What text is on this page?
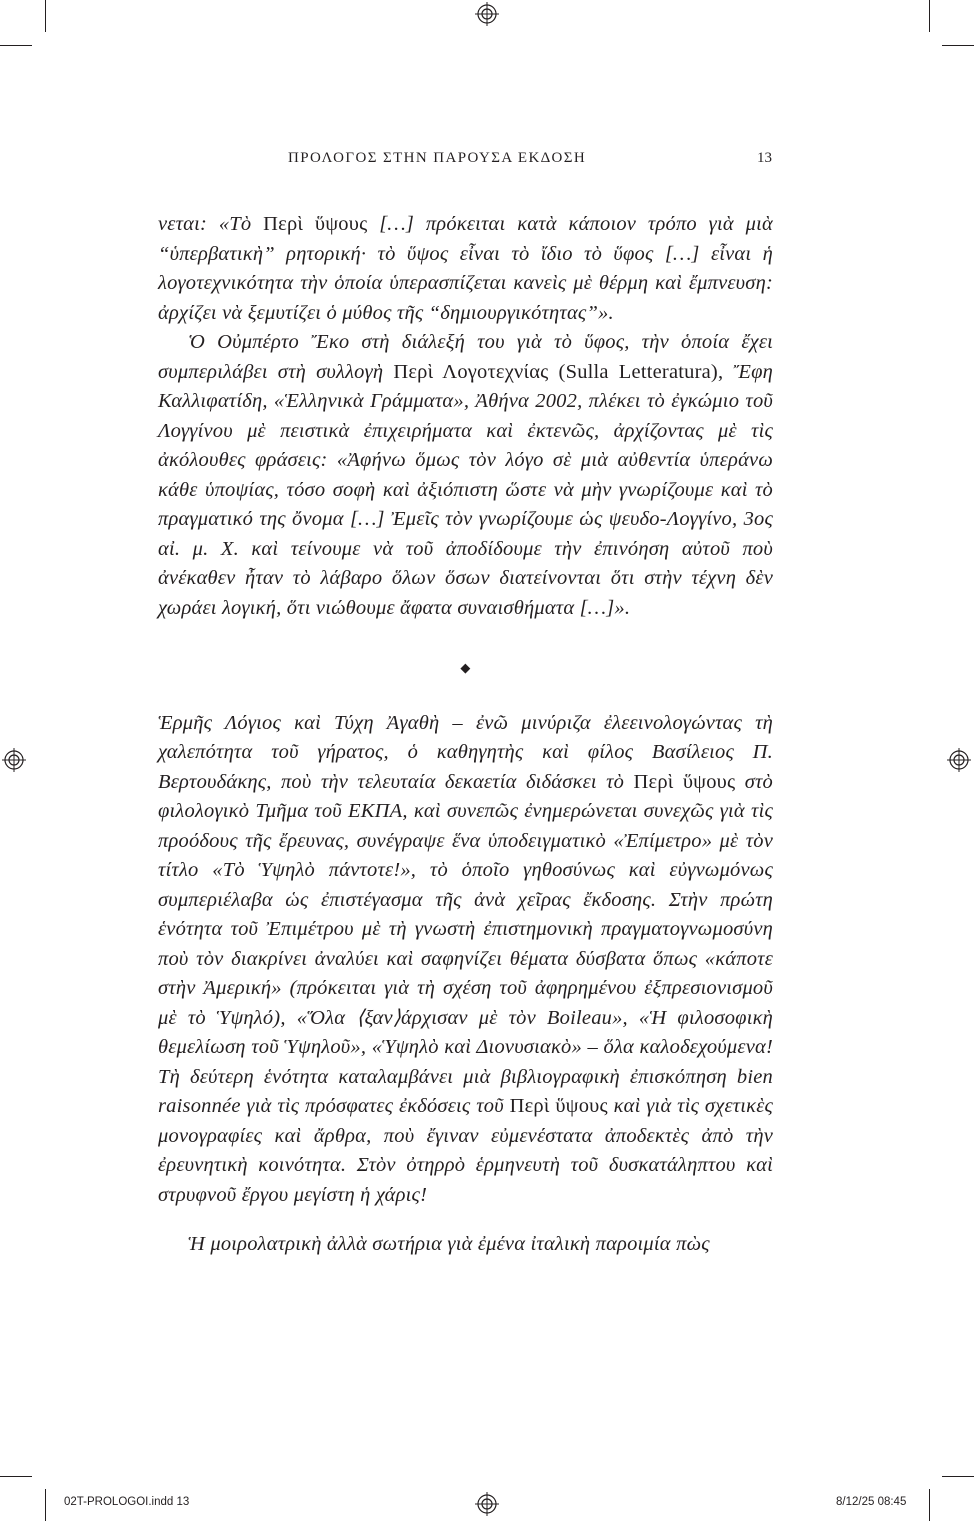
ΠΡΟΛΟΓΟΣ ΣΤΗΝ ΠΑΡΟΥΣΑ ΕΚΔΟΣΗ	13

νεται: «Τὸ Περὶ ὕψους […] πρόκειται κατὰ κάποιον τρόπο γιὰ μιὰ “ὑπερβατικὴ” ρητορική· τὸ ὕψος εἶναι τὸ ἴδιο τὸ ὕφος […] εἶναι ἡ λογοτεχνικότητα τὴν ὁποία ὑπερασπίζεται κανεὶς μὲ θέρμη καὶ ἔμπνευση: ἀρχίζει νὰ ξεμυτίζει ὁ μύθος τῆς “δημιουργικότητας”».

Ὁ Οὐμπέρτο Ἔκο στὴ διάλεξή του γιὰ τὸ ὕφος, τὴν ὁποία ἔχει συμπεριλάβει στὴ συλλογὴ Περὶ Λογοτεχνίας (Sulla Letteratura), Ἔφη Καλλιφατίδη, «Ἑλληνικὰ Γράμματα», Ἀθήνα 2002, πλέκει τὸ ἐγκώμιο τοῦ Λογγίνου μὲ πειστικὰ ἐπιχειρήματα καὶ ἐκτενῶς, ἀρχίζοντας μὲ τὶς ἀκόλουθες φράσεις: «Ἀφήνω ὅμως τὸν λόγο σὲ μιὰ αὐθεντία ὑπεράνω κάθε ὑποψίας, τόσο σοφὴ καὶ ἀξιόπιστη ὥστε νὰ μὴν γνωρίζουμε καὶ τὸ πραγματικό της ὄνομα […] Ἐμεῖς τὸν γνωρίζουμε ὡς ψευδο-Λογγίνο, 3ος αἰ. μ. Χ. καὶ τείνουμε νὰ τοῦ ἀποδίδουμε τὴν ἐπινόηση αὐτοῦ ποὺ ἀνέκαθεν ἦταν τὸ λάβαρο ὅλων ὅσων διατείνονται ὅτι στὴν τέχνη δὲν χωράει λογική, ὅτι νιώθουμε ἄφατα συναισθήματα […]».

◆

Ἑρμῆς Λόγιος καὶ Τύχη Ἀγαθὴ – ἐνῶ μινύριζα ἐλεεινολογώντας τὴ χαλεπότητα τοῦ γήρατος, ὁ καθηγητὴς καὶ φίλος Βασίλειος Π. Βερτουδάκης, ποὺ τὴν τελευταία δεκαετία διδάσκει τὸ Περὶ ὕψους στὸ φιλολογικὸ Τμῆμα τοῦ ΕΚΠΑ, καὶ συνεπῶς ἐνημερώνεται συνεχῶς γιὰ τὶς προόδους τῆς ἔρευνας, συνέγραψε ἕνα ὑποδειγματικὸ «Ἐπίμετρο» μὲ τὸν τίτλο «Τὸ Ὑψηλὸ πάντοτε!», τὸ ὁποῖο γηθοσύνως καὶ εὐγνωμόνως συμπεριέλαβα ὡς ἐπιστέγασμα τῆς ἀνὰ χεῖρας ἔκδοσης. Στὴν πρώτη ἑνότητα τοῦ Ἐπιμέτρου μὲ τὴ γνωστὴ ἐπιστημονικὴ πραγματογνωμοσύνη ποὺ τὸν διακρίνει ἀναλύει καὶ σαφηνίζει θέματα δύσβατα ὅπως «κάποτε στὴν Ἀμερική» (πρόκειται γιὰ τὴ σχέση τοῦ ἀφηρημένου ἐξπρεσιονισμοῦ μὲ τὸ Ὑψηλό), «Ὅλα ⟨ξαν⟩άρχισαν μὲ τὸν Boileau», «Ἡ φιλοσοφικὴ θεμελίωση τοῦ Ὑψηλοῦ», «Ὑψηλὸ καὶ Διονυσιακὸ» – ὅλα καλοδεχούμενα! Τὴ δεύτερη ἑνότητα καταλαμβάνει μιὰ βιβλιογραφικὴ ἐπισκόπηση bien raisonnée γιὰ τὶς πρόσφατες ἐκδόσεις τοῦ Περὶ ὕψους καὶ γιὰ τὶς σχετικὲς μονογραφίες καὶ ἄρθρα, ποὺ ἔγιναν εὐμενέστατα ἀποδεκτὲς ἀπὸ τὴν ἐρευνητικὴ κοινότητα. Στὸν ὀτηρρὸ ἑρμηνευτὴ τοῦ δυσκατάληπτου καὶ στρυφνοῦ ἔργου μεγίστη ἡ χάρις!

Ἡ μοιρολατρικὴ ἀλλὰ σωτήρια γιὰ ἐμένα ἰταλικὴ παροιμία πὼς

02T-PROLOGOI.indd 13	8/12/25 08:45
